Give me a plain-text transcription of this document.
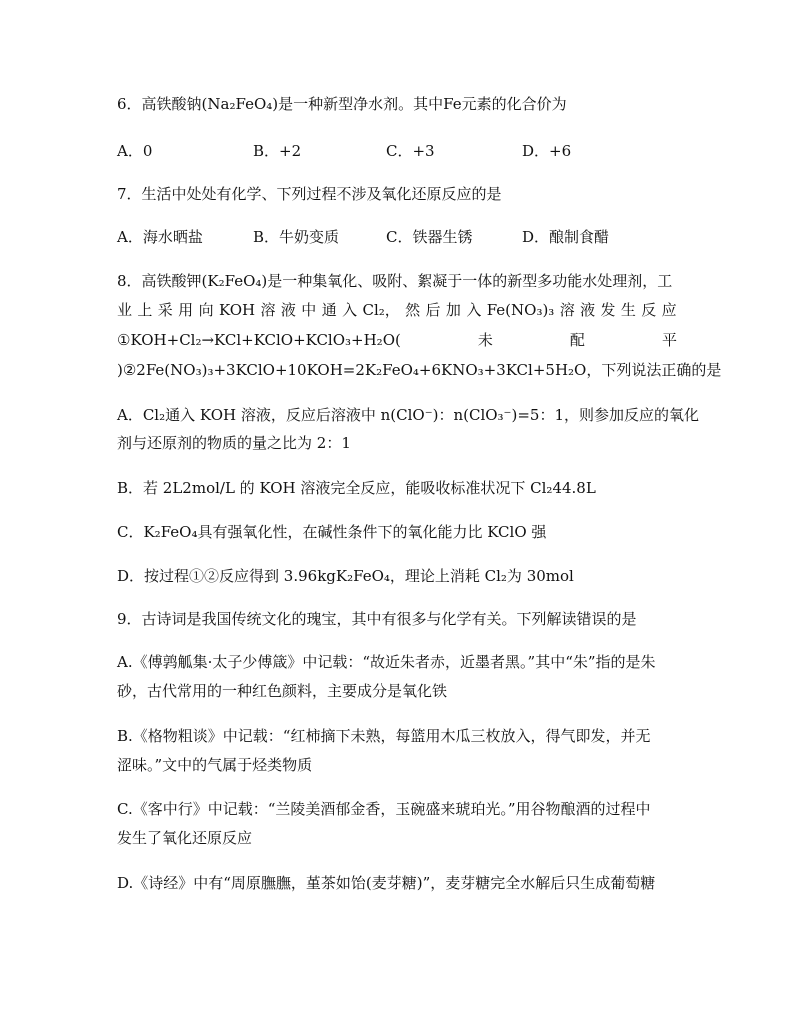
6．高铁酸钠(Na₂FeO₄)是一种新型净水剂。其中Fe元素的化合价为
A．0	B．+2	C．+3	D．+6
7．生活中处处有化学、下列过程不涉及氧化还原反应的是
A．海水晒盐	B．牛奶变质	C．铁器生锈	D．酿制食醋
8．高铁酸钾(K₂FeO₄)是一种集氧化、吸附、絮凝于一体的新型多功能水处理剂，工
业 上 采 用 向 KOH 溶 液 中 通 入 Cl₂， 然 后 加 入 Fe(NO₃)₃ 溶 液 发 生 反 应
①KOH+Cl₂→KCl+KClO+KClO₃+H₂O(	未	配	平
)②2Fe(NO₃)₃+3KClO+10KOH=2K₂FeO₄+6KNO₃+3KCl+5H₂O，下列说法正确的是
A．Cl₂通入 KOH 溶液，反应后溶液中 n(ClO⁻)：n(ClO₃⁻)=5：1，则参加反应的氧化
剂与还原剂的物质的量之比为 2：1
B．若 2L2mol/L 的 KOH 溶液完全反应，能吸收标准状况下 Cl₂44.8L
C．K₂FeO₄具有强氧化性，在碱性条件下的氧化能力比 KClO 强
D．按过程①②反应得到 3.96kgK₂FeO₄，理论上消耗 Cl₂为 30mol
9．古诗词是我国传统文化的瑰宝，其中有很多与化学有关。下列解读错误的是
A.《傅鹑觚集·太子少傅箴》中记载：“故近朱者赤，近墨者黑。”其中“朱”指的是朱
砂，古代常用的一种红色颜料，主要成分是氧化铁
B.《格物粗谈》中记载：“红柿摘下未熟，每篮用木瓜三枚放入，得气即发，并无
涩味。”文中的气属于烃类物质
C.《客中行》中记载：“兰陵美酒郁金香，玉碗盛来琥珀光。”用谷物酿酒的过程中
发生了氧化还原反应
D.《诗经》中有“周原膴膴，堇茶如饴(麦芽糖)”，麦芽糖完全水解后只生成葡萄糖
